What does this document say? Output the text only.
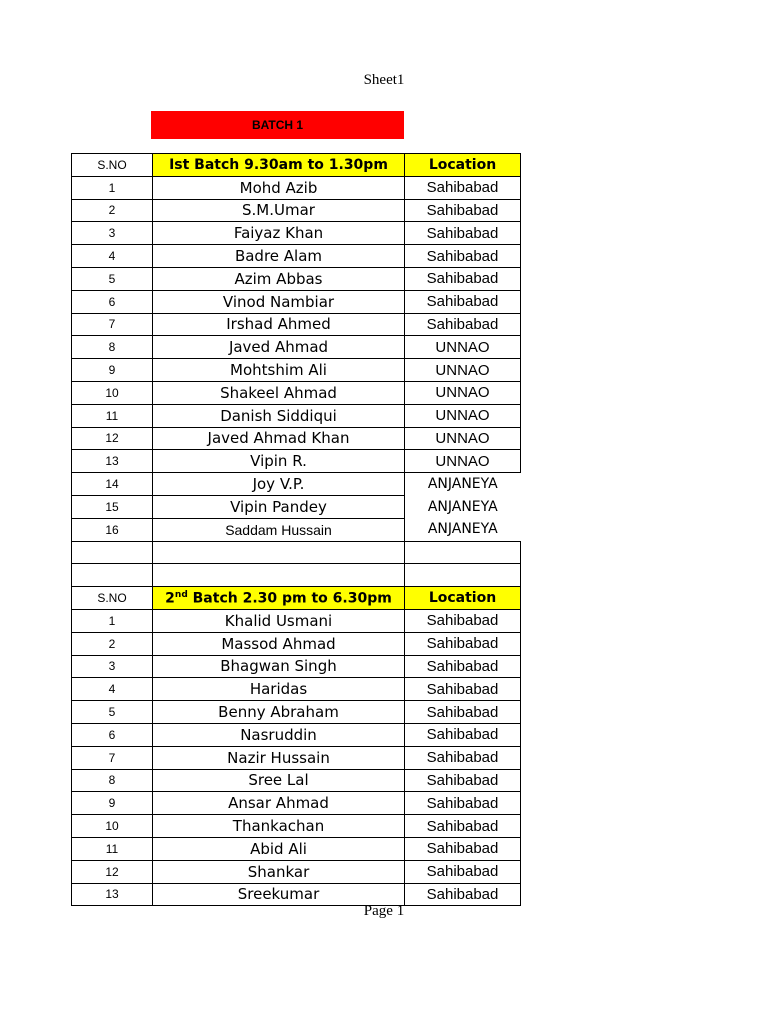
Sheet1
BATCH 1
S.NO	Ist Batch 9.30am to 1.30pm	Location
1	Mohd Azib	Sahibabad
2	S.M.Umar	Sahibabad
3	Faiyaz Khan	Sahibabad
4	Badre Alam	Sahibabad
5	Azim Abbas	Sahibabad
6	Vinod Nambiar	Sahibabad
7	Irshad Ahmed	Sahibabad
8	Javed Ahmad	UNNAO
9	Mohtshim Ali	UNNAO
10	Shakeel Ahmad	UNNAO
11	Danish Siddiqui	UNNAO
12	Javed Ahmad Khan	UNNAO
13	Vipin R.	UNNAO
14	Joy V.P.	ANJANEYA
15	Vipin Pandey	ANJANEYA
16	Saddam Hussain	ANJANEYA

S.NO	2nd Batch 2.30 pm to 6.30pm	Location
1	Khalid Usmani	Sahibabad
2	Massod Ahmad	Sahibabad
3	Bhagwan Singh	Sahibabad
4	Haridas	Sahibabad
5	Benny Abraham	Sahibabad
6	Nasruddin	Sahibabad
7	Nazir Hussain	Sahibabad
8	Sree Lal	Sahibabad
9	Ansar Ahmad	Sahibabad
10	Thankachan	Sahibabad
11	Abid Ali	Sahibabad
12	Shankar	Sahibabad
13	Sreekumar	Sahibabad
Page 1
